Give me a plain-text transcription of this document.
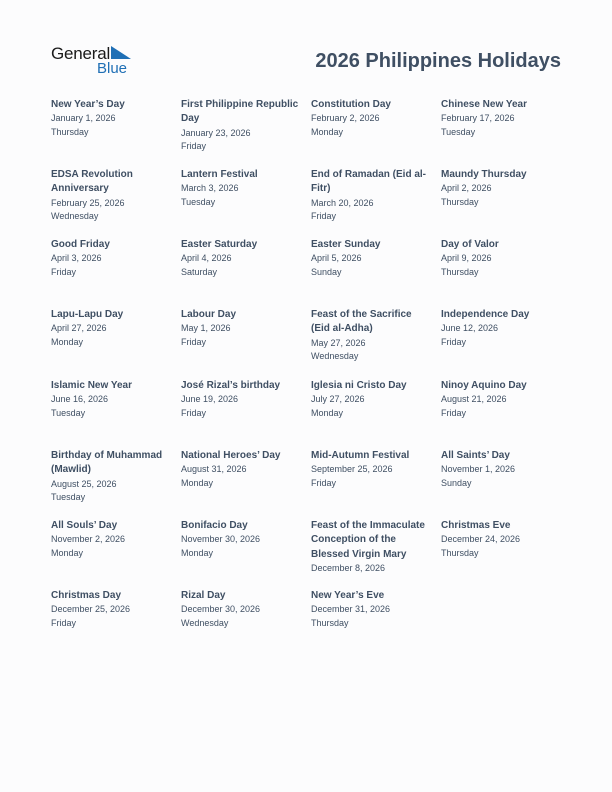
General
Blue	2026 Philippines Holidays
New Year’s Day
January 1, 2026
Thursday
First Philippine Republic Day
January 23, 2026
Friday
Constitution Day
February 2, 2026
Monday
Chinese New Year
February 17, 2026
Tuesday
EDSA Revolution Anniversary
February 25, 2026
Wednesday
Lantern Festival
March 3, 2026
Tuesday
End of Ramadan (Eid al-Fitr)
March 20, 2026
Friday
Maundy Thursday
April 2, 2026
Thursday
Good Friday
April 3, 2026
Friday
Easter Saturday
April 4, 2026
Saturday
Easter Sunday
April 5, 2026
Sunday
Day of Valor
April 9, 2026
Thursday
Lapu-Lapu Day
April 27, 2026
Monday
Labour Day
May 1, 2026
Friday
Feast of the Sacrifice (Eid al-Adha)
May 27, 2026
Wednesday
Independence Day
June 12, 2026
Friday
Islamic New Year
June 16, 2026
Tuesday
José Rizal’s birthday
June 19, 2026
Friday
Iglesia ni Cristo Day
July 27, 2026
Monday
Ninoy Aquino Day
August 21, 2026
Friday
Birthday of Muhammad (Mawlid)
August 25, 2026
Tuesday
National Heroes’ Day
August 31, 2026
Monday
Mid-Autumn Festival
September 25, 2026
Friday
All Saints’ Day
November 1, 2026
Sunday
All Souls’ Day
November 2, 2026
Monday
Bonifacio Day
November 30, 2026
Monday
Feast of the Immaculate Conception of the Blessed Virgin Mary
December 8, 2026
Christmas Eve
December 24, 2026
Thursday
Christmas Day
December 25, 2026
Friday
Rizal Day
December 30, 2026
Wednesday
New Year’s Eve
December 31, 2026
Thursday
